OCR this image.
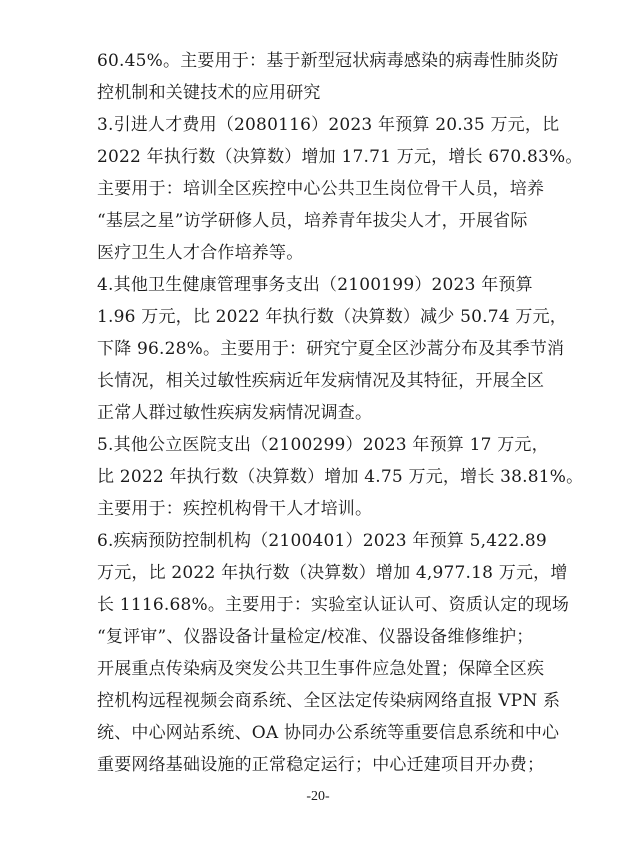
60.45%。主要用于：基于新型冠状病毒感染的病毒性肺炎防
控机制和关键技术的应用研究
3.引进人才费用（2080116）2023 年预算 20.35 万元，比
2022 年执行数（决算数）增加 17.71 万元，增长 670.83%。
主要用于：培训全区疾控中心公共卫生岗位骨干人员，培养
“基层之星”访学研修人员，培养青年拔尖人才，开展省际
医疗卫生人才合作培养等。
4.其他卫生健康管理事务支出（2100199）2023 年预算
1.96 万元，比 2022 年执行数（决算数）减少 50.74 万元，
下降 96.28%。主要用于：研究宁夏全区沙蒿分布及其季节消
长情况，相关过敏性疾病近年发病情况及其特征，开展全区
正常人群过敏性疾病发病情况调查。
5.其他公立医院支出（2100299）2023 年预算 17 万元，
比 2022 年执行数（决算数）增加 4.75 万元，增长 38.81%。
主要用于：疾控机构骨干人才培训。
6.疾病预防控制机构（2100401）2023 年预算 5,422.89
万元，比 2022 年执行数（决算数）增加 4,977.18 万元，增
长 1116.68%。主要用于：实验室认证认可、资质认定的现场
“复评审”、仪器设备计量检定/校准、仪器设备维修维护；
开展重点传染病及突发公共卫生事件应急处置；保障全区疾
控机构远程视频会商系统、全区法定传染病网络直报 VPN 系
统、中心网站系统、OA 协同办公系统等重要信息系统和中心
重要网络基础设施的正常稳定运行；中心迁建项目开办费；
-20-
